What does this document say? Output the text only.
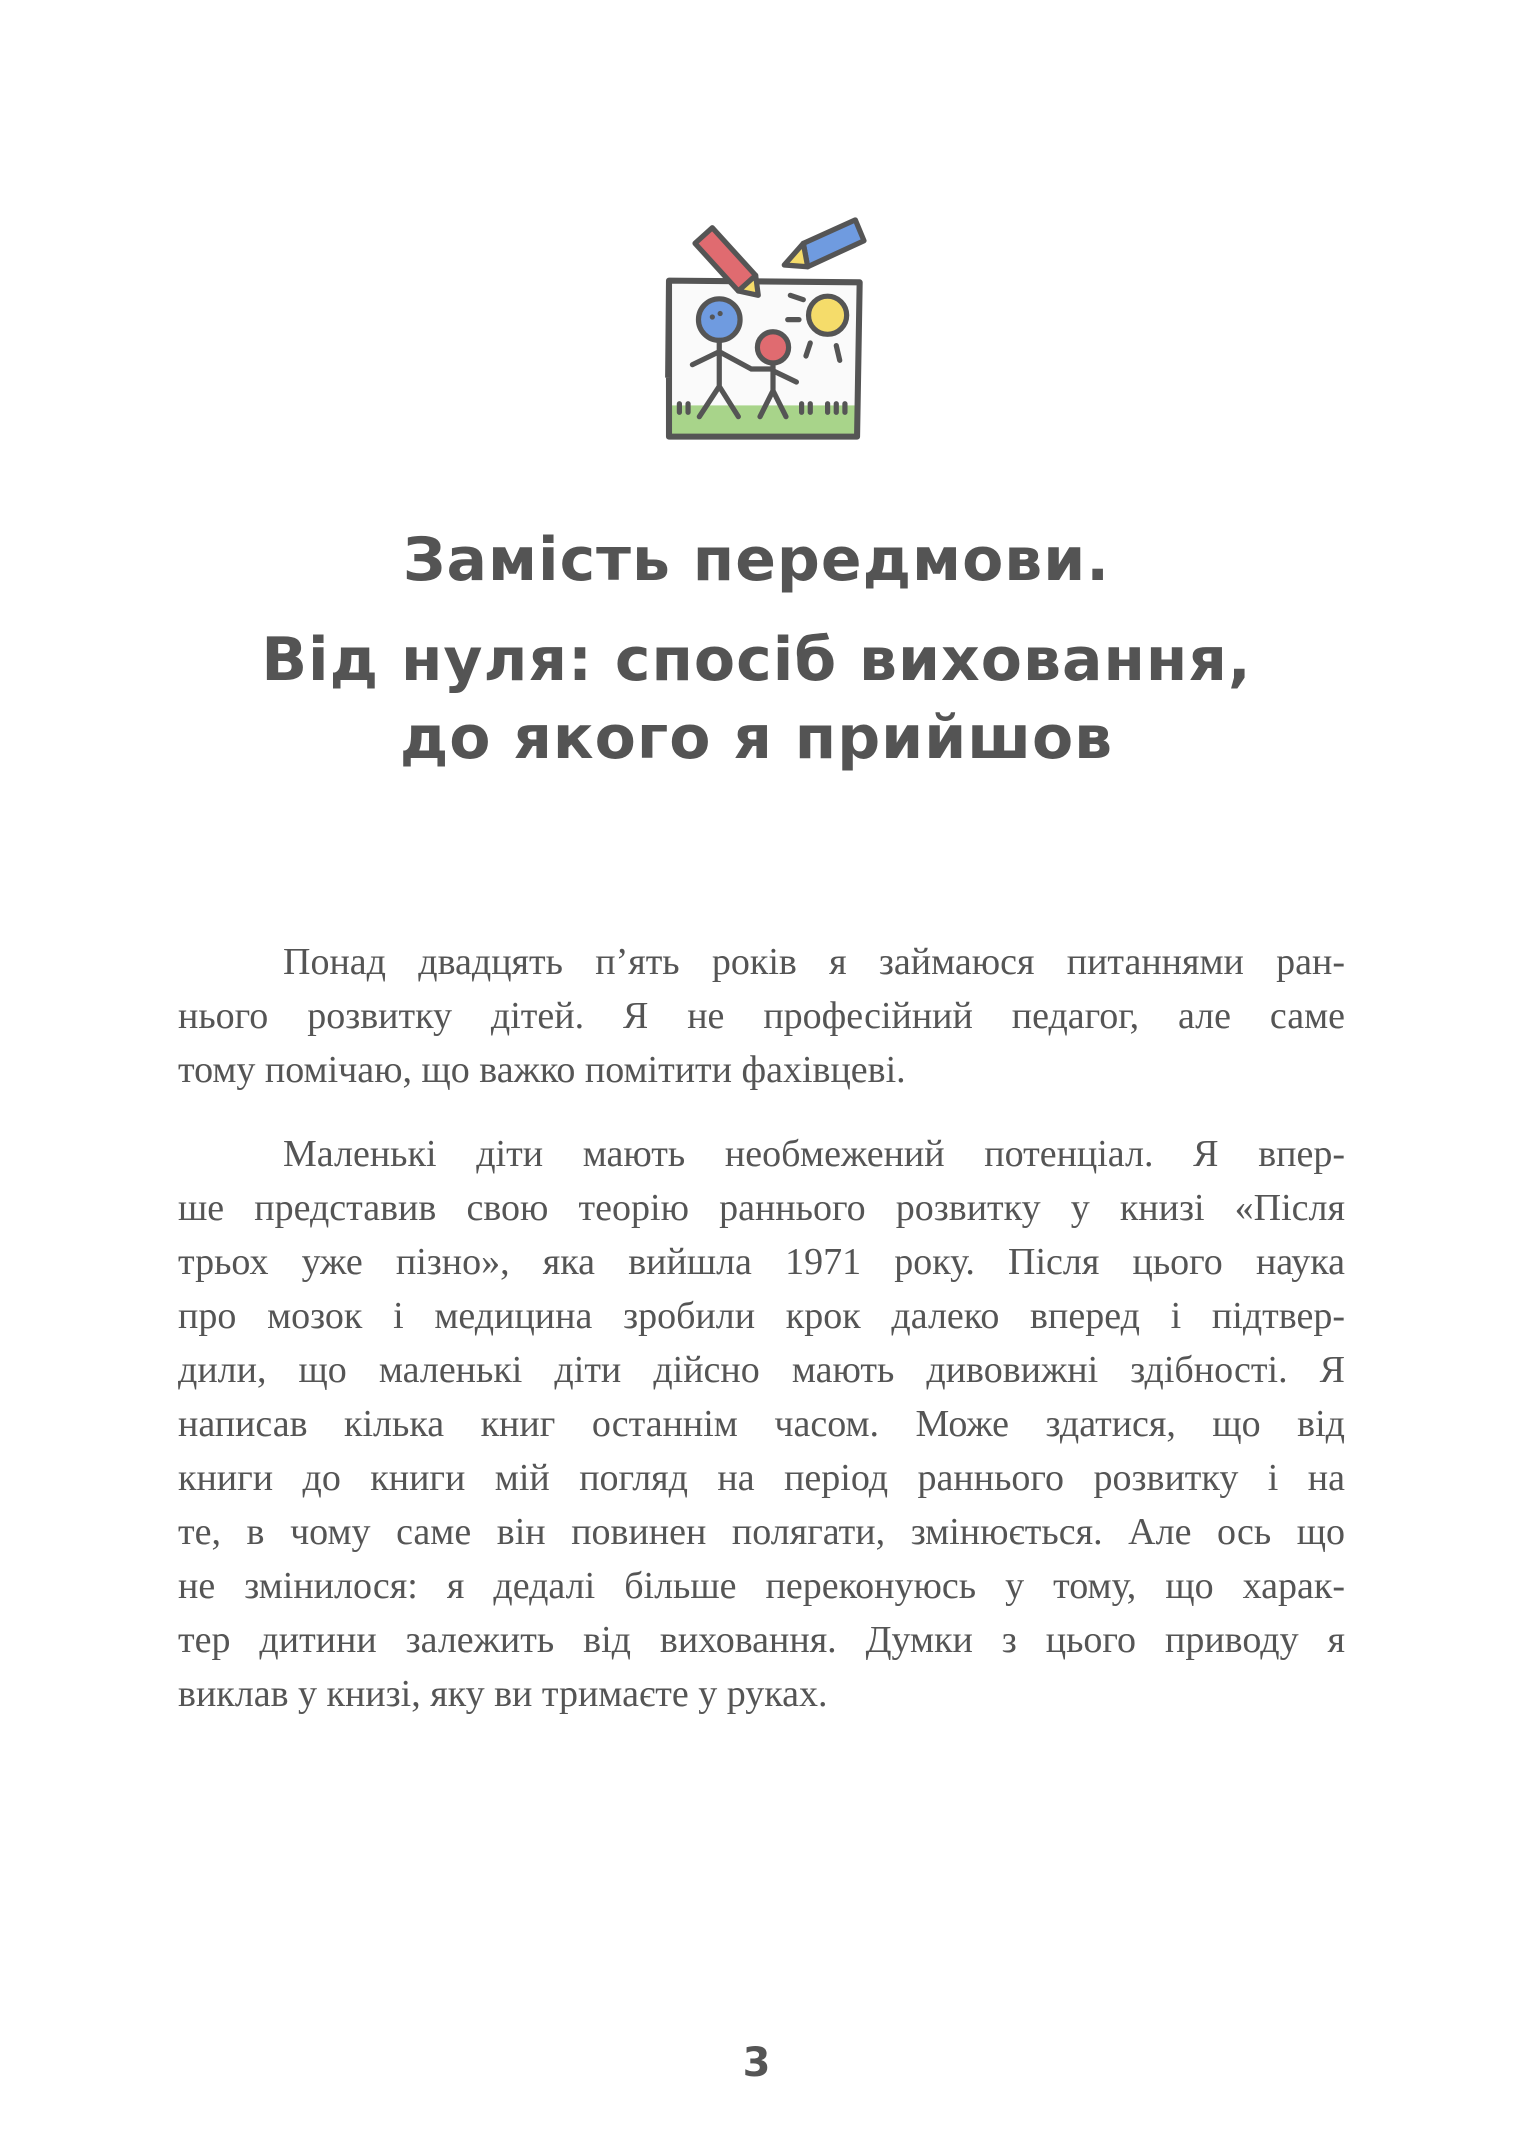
Замість передмови.
Від нуля: спосіб виховання,
до якого я прийшов
Понад двадцять п’ять років я займаюся питаннями ран-
нього розвитку дітей. Я не професійний педагог, але саме
тому помічаю, що важко помітити фахівцеві.
Маленькі діти мають необмежений потенціал. Я впер-
ше представив свою теорію раннього розвитку у книзі «Після
трьох уже пізно», яка вийшла 1971 року. Після цього наука
про мозок і медицина зробили крок далеко вперед і підтвер-
дили, що маленькі діти дійсно мають дивовижні здібності. Я
написав кілька книг останнім часом. Може здатися, що від
книги до книги мій погляд на період раннього розвитку і на
те, в чому саме він повинен полягати, змінюється. Але ось що
не змінилося: я дедалі більше переконуюсь у тому, що харак-
тер дитини залежить від виховання. Думки з цього приводу я
виклав у книзі, яку ви тримаєте у руках.
3
